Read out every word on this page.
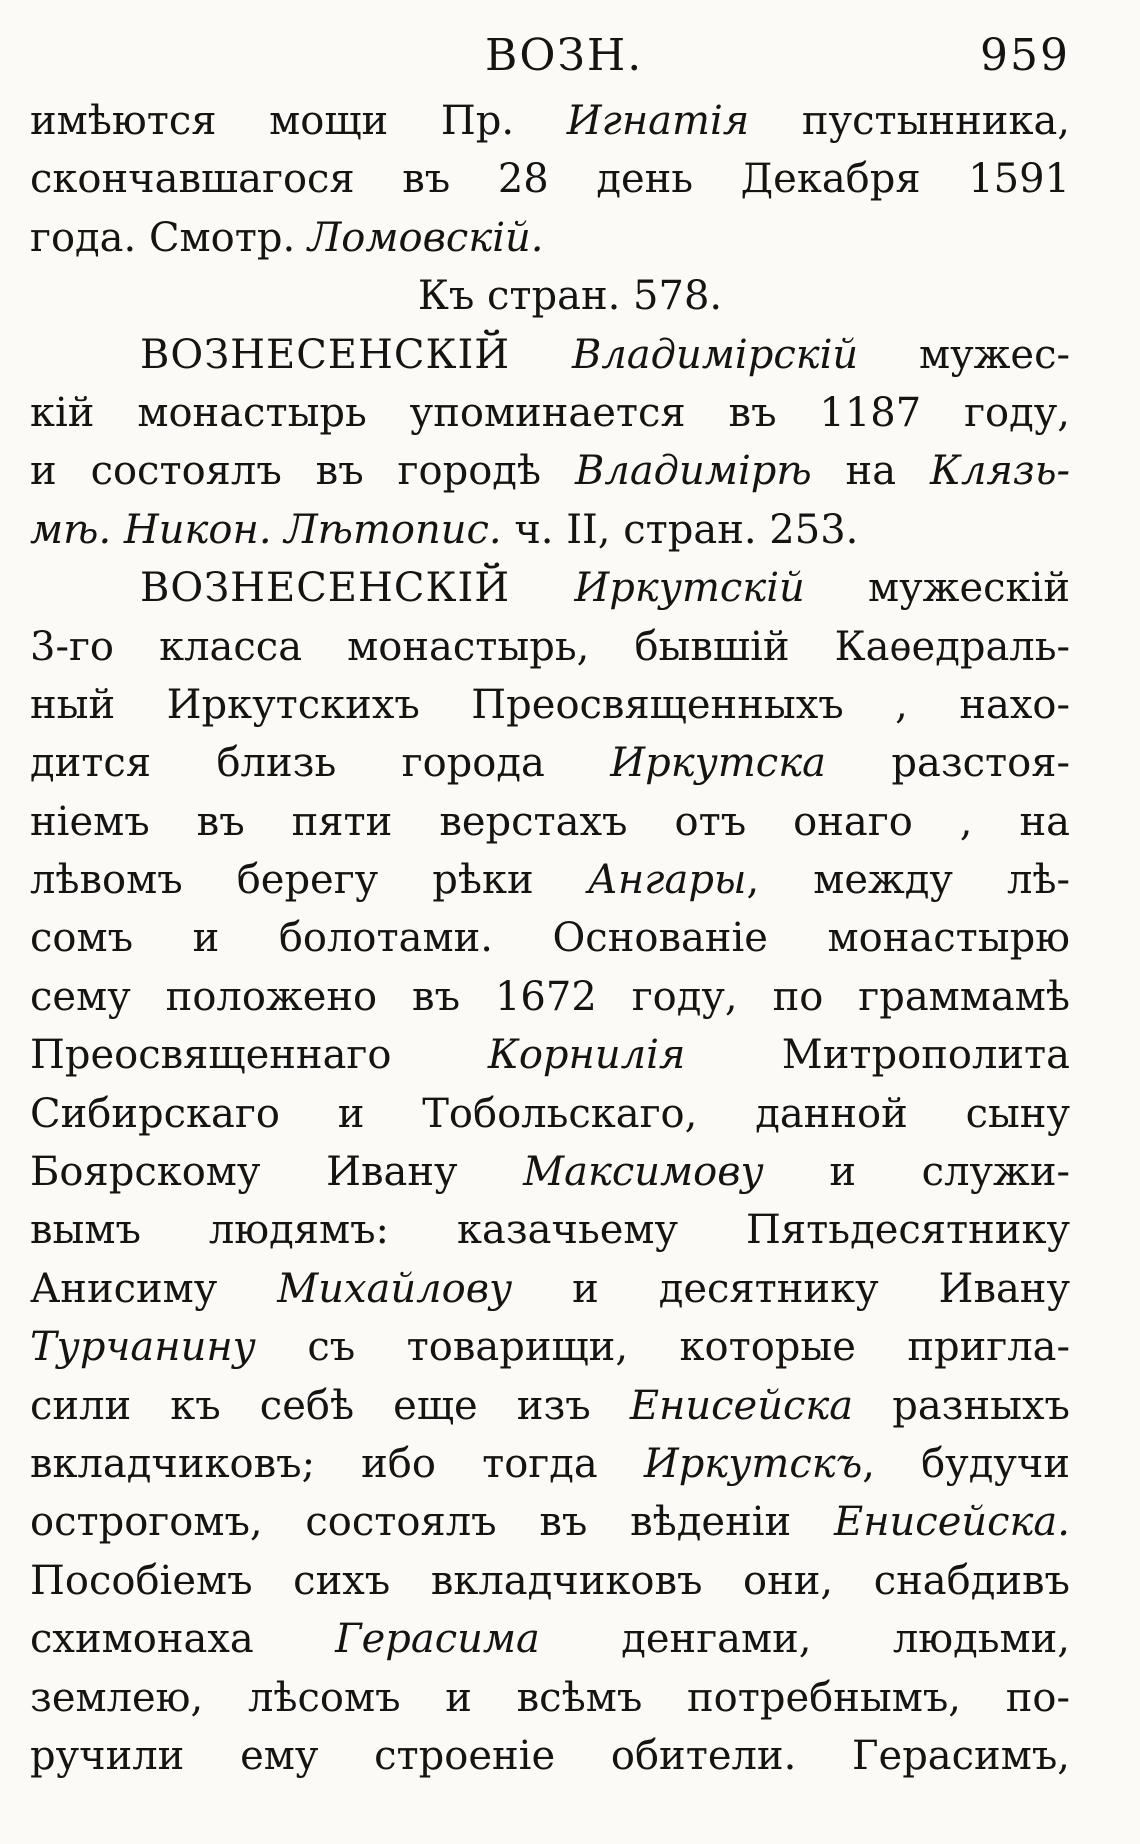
ВОЗН.	959
имѣются мощи Пр. Игнатія пустынника,
скончавшагося въ 28 день Декабря 1591
года. Смотр. Ломовскій.
Къ стран. 578.
ВОЗНЕСЕНСКІЙ Владимірскій мужес-
кій монастырь упоминается въ 1187 году,
и состоялъ въ городѣ Владимірѣ на Клязь-
мѣ. Никон. Лѣтопис. ч. II, стран. 253.
ВОЗНЕСЕНСКІЙ Иркутскій мужескій
3-го класса монастырь, бывшій Каѳедраль-
ный Иркутскихъ Преосвященныхъ , нахо-
дится близь города Иркутска разстоя-
ніемъ въ пяти верстахъ отъ онаго , на
лѣвомъ берегу рѣки Ангары, между лѣ-
сомъ и болотами. Основаніе монастырю
сему положено въ 1672 году, по граммамѣ
Преосвященнаго Корнилія Митрополита
Сибирскаго и Тобольскаго, данной сыну
Боярскому Ивану Максимову и служи-
вымъ людямъ: казачьему Пятьдесятнику
Анисиму Михайлову и десятнику Ивану
Турчанину съ товарищи, которые пригла-
сили къ себѣ еще изъ Енисейска разныхъ
вкладчиковъ; ибо тогда Иркутскъ, будучи
острогомъ, состоялъ въ вѣденіи Енисейска.
Пособіемъ сихъ вкладчиковъ они, снабдивъ
схимонаха Герасима денгами, людьми,
землею, лѣсомъ и всѣмъ потребнымъ, по-
ручили ему строеніе обители. Герасимъ,
